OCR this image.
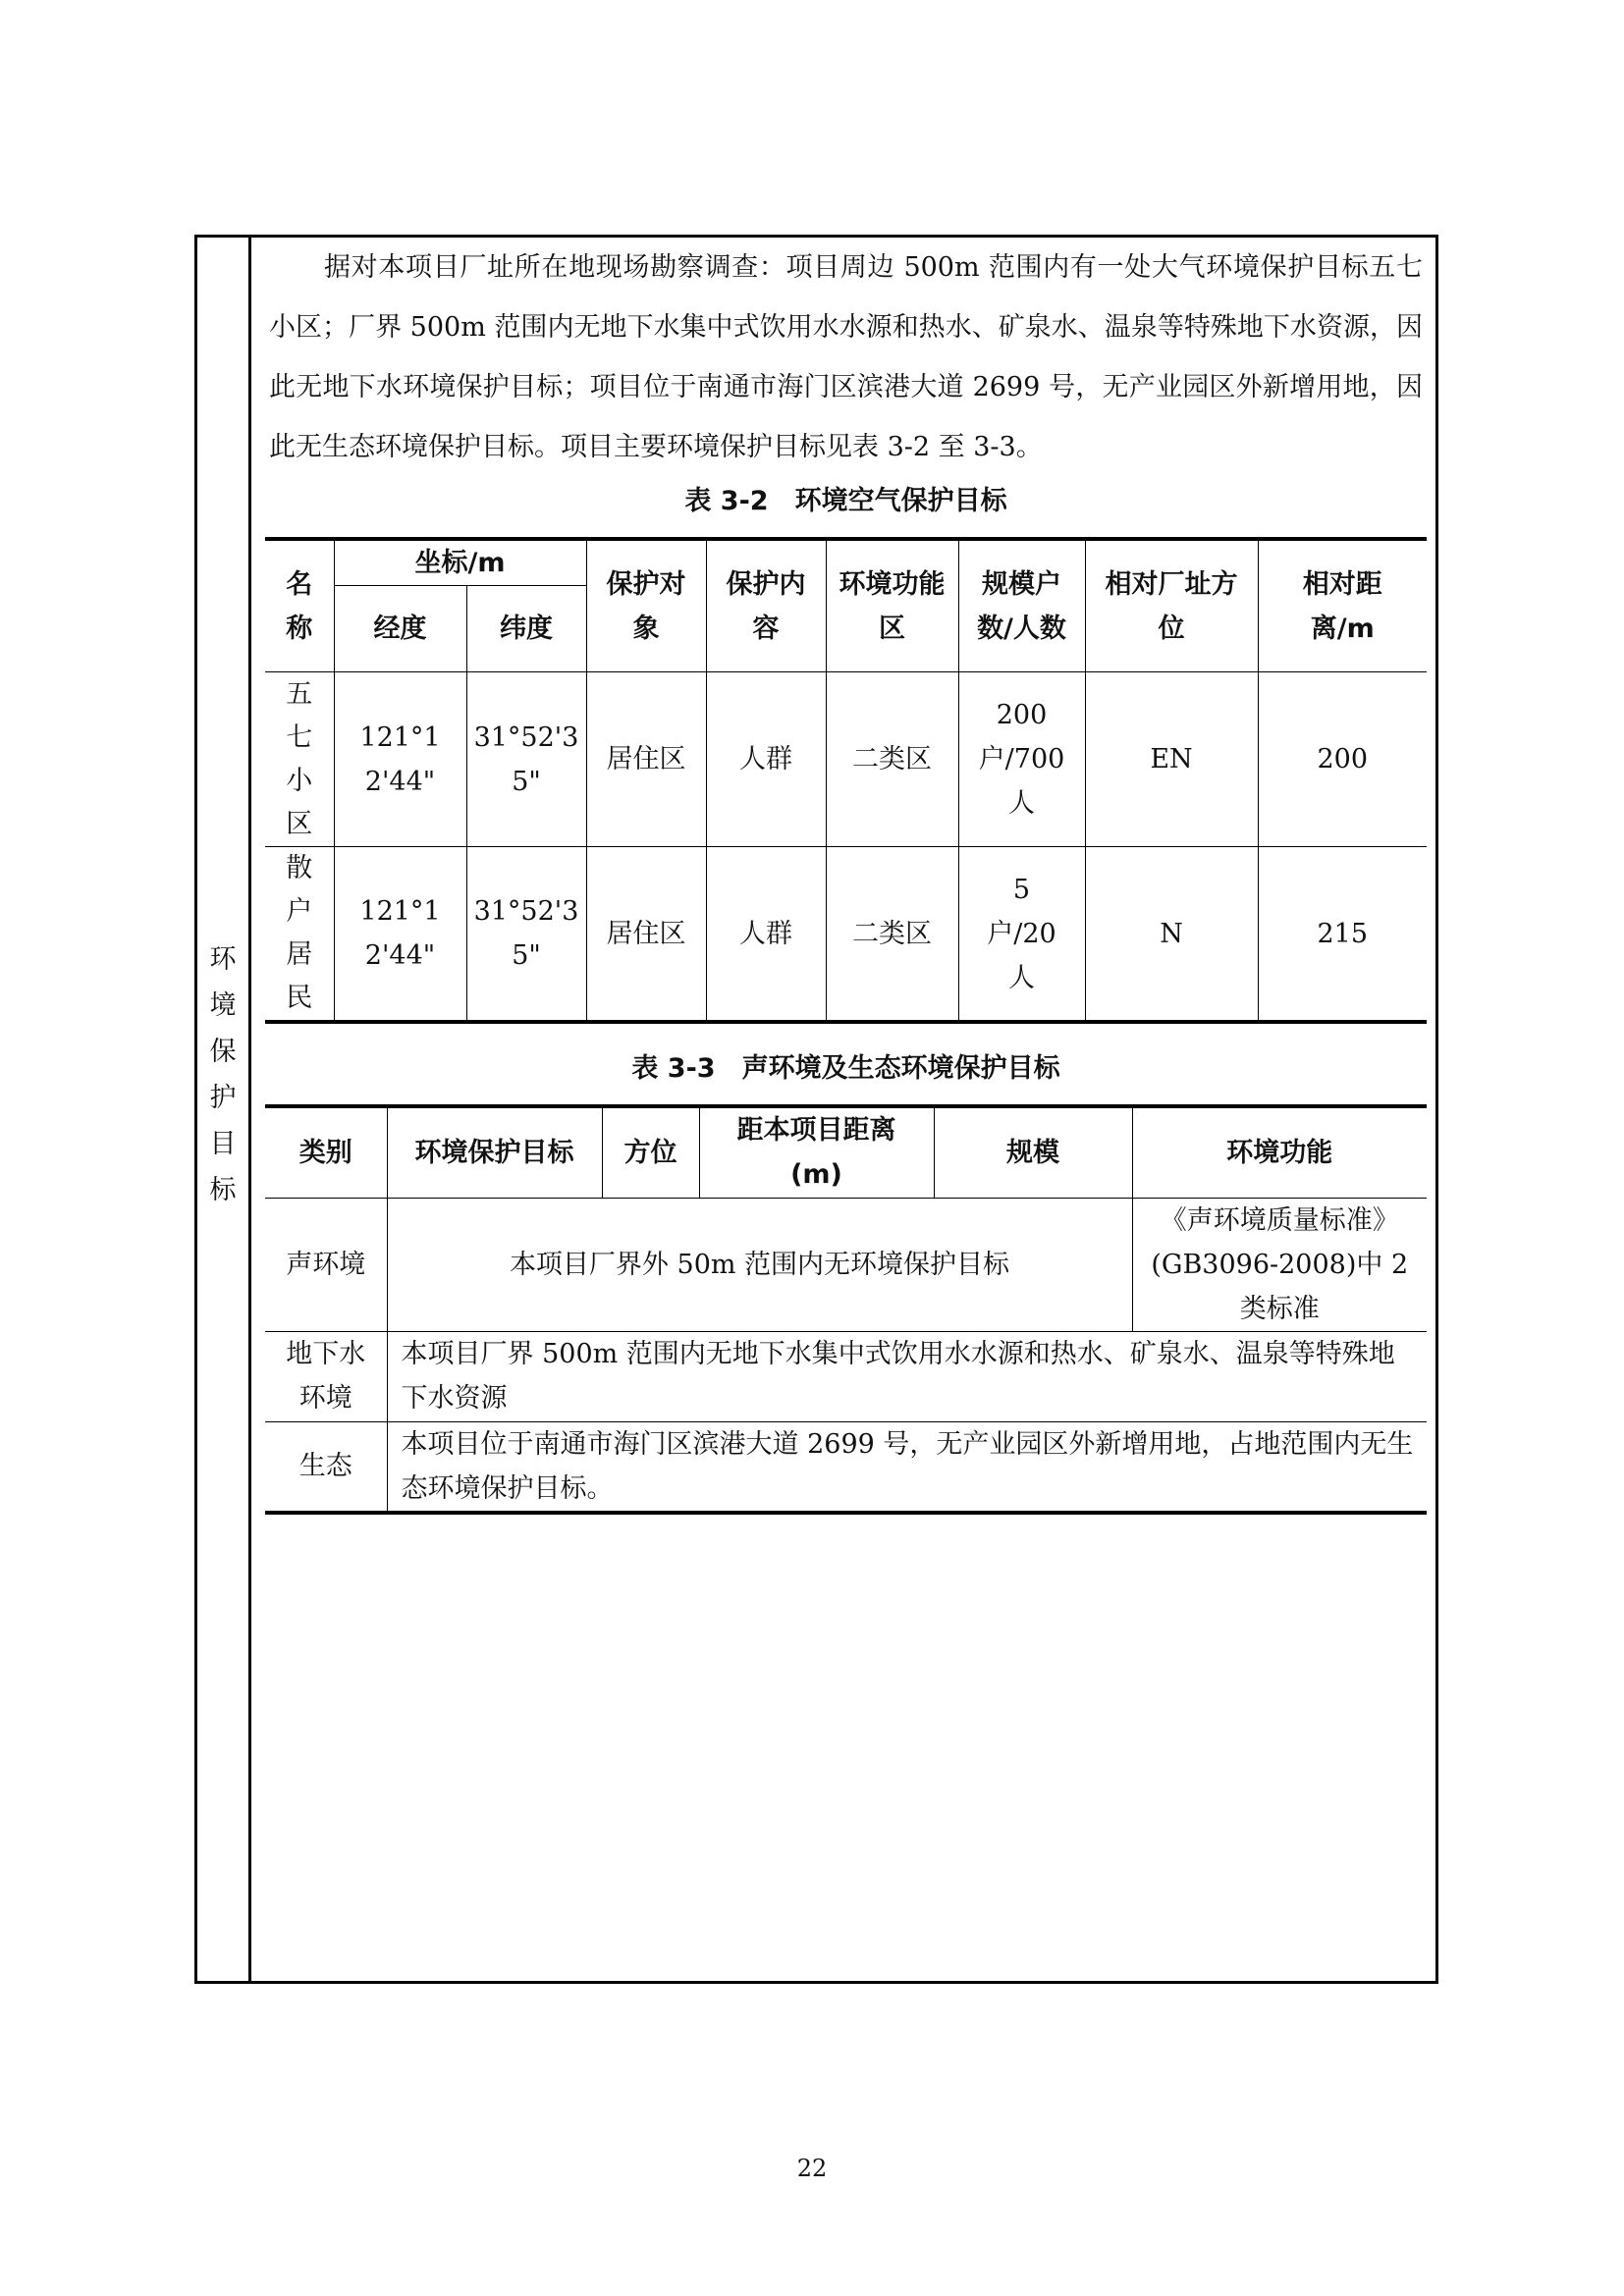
环
境
保
护
目
标

据对本项目厂址所在地现场勘察调查：项目周边 500m 范围内有一处大气环境保护目标五七小区；厂界 500m 范围内无地下水集中式饮用水水源和热水、矿泉水、温泉等特殊地下水资源，因此无地下水环境保护目标；项目位于南通市海门区滨港大道 2699 号，无产业园区外新增用地，因此无生态环境保护目标。项目主要环境保护目标见表 3-2 至 3-3。

表 3-2　环境空气保护目标
名称	坐标/m		保护对象	保护内容	环境功能区	规模户数/人数	相对厂址方位	相对距离/m
	经度	纬度						

五
七
小
区	121°12'44"	31°52'35"	居住区	人群	二类区	200 户/700 人	EN	200

散
户
居
民	121°12'44"	31°52'35"	居住区	人群	二类区	5 户/20 人	N	215
表 3-3　声环境及生态环境保护目标
类别	环境保护目标	方位	距本项目距离(m)	规模	环境功能
声环境	本项目厂界外 50m 范围内无环境保护目标				《声环境质量标准》(GB3096-2008)中 2 类标准
地下水环境	本项目厂界 500m 范围内无地下水集中式饮用水水源和热水、矿泉水、温泉等特殊地下水资源				
生态	本项目位于南通市海门区滨港大道 2699 号，无产业园区外新增用地，占地范围内无生态环境保护目标。				
22
